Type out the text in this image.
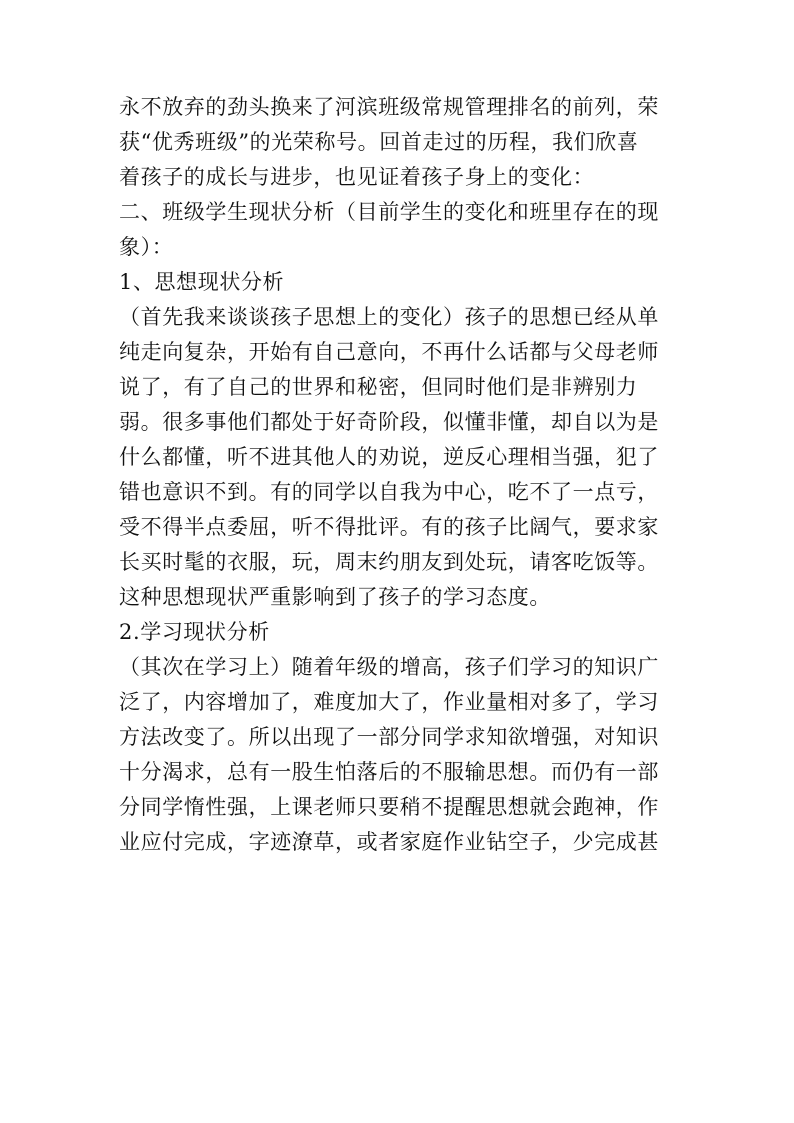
永不放弃的劲头换来了河滨班级常规管理排名的前列，荣
获“优秀班级”的光荣称号。回首走过的历程，我们欣喜
着孩子的成长与进步，也见证着孩子身上的变化：
二、班级学生现状分析（目前学生的变化和班里存在的现
象）：
1、思想现状分析
（首先我来谈谈孩子思想上的变化）孩子的思想已经从单
纯走向复杂，开始有自己意向，不再什么话都与父母老师
说了，有了自己的世界和秘密，但同时他们是非辨别力
弱。很多事他们都处于好奇阶段，似懂非懂，却自以为是
什么都懂，听不进其他人的劝说，逆反心理相当强，犯了
错也意识不到。有的同学以自我为中心，吃不了一点亏，
受不得半点委屈，听不得批评。有的孩子比阔气，要求家
长买时髦的衣服，玩，周末约朋友到处玩，请客吃饭等。
这种思想现状严重影响到了孩子的学习态度。
2.学习现状分析
（其次在学习上）随着年级的增高，孩子们学习的知识广
泛了，内容增加了，难度加大了，作业量相对多了，学习
方法改变了。所以出现了一部分同学求知欲增强，对知识
十分渴求，总有一股生怕落后的不服输思想。而仍有一部
分同学惰性强，上课老师只要稍不提醒思想就会跑神，作
业应付完成，字迹潦草，或者家庭作业钻空子，少完成甚
